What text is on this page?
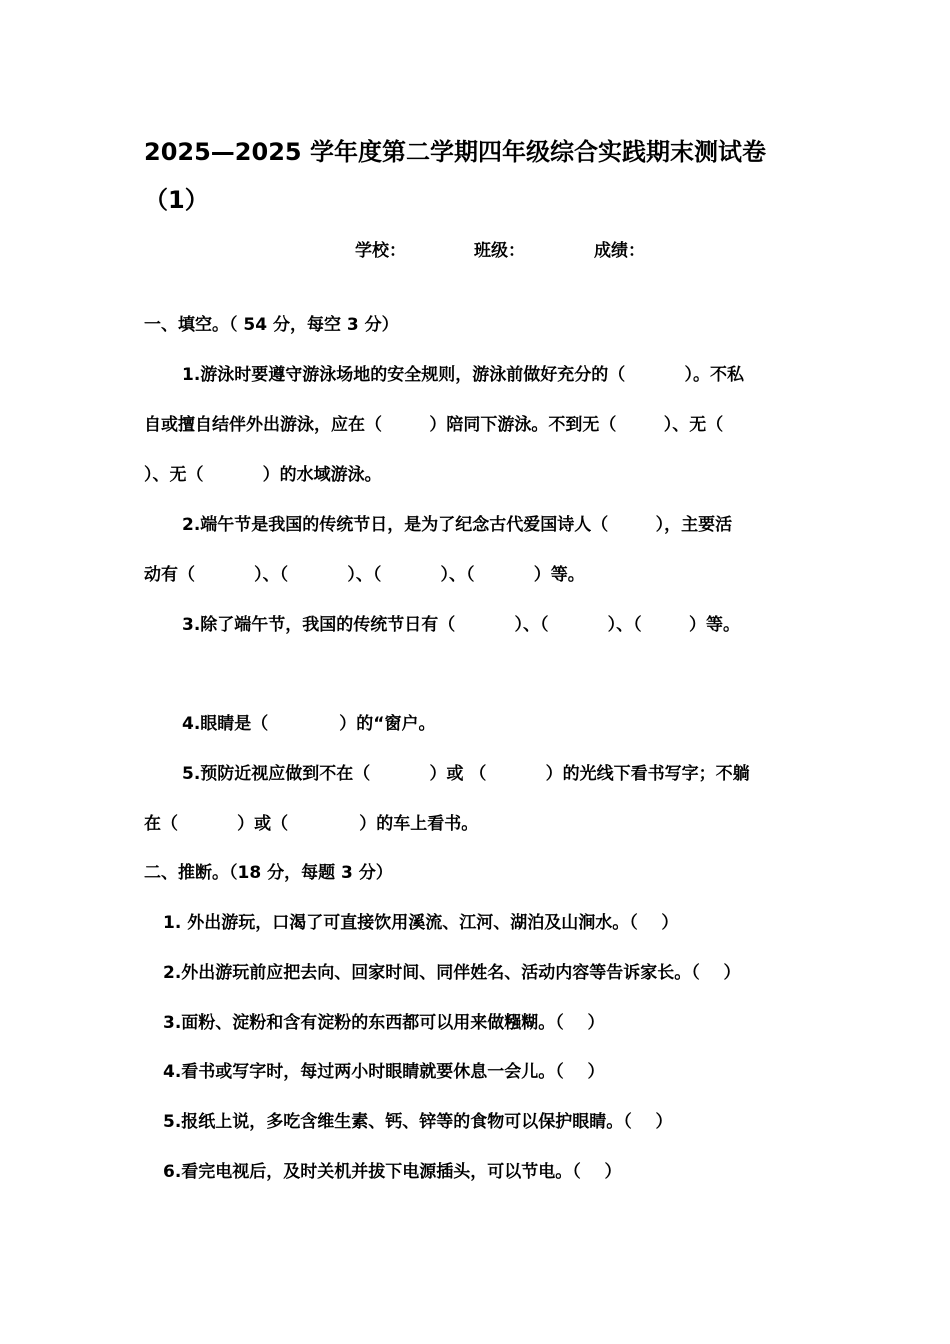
2025—2025 学年度第二学期四年级综合实践期末测试卷
（1）
学校：	班级：	成绩：
一、填空。（ 54 分，每空 3 分）
1.游泳时要遵守游泳场地的安全规则，游泳前做好充分的（          ）。不私
自或擅自结伴外出游泳，应在（        ）陪同下游泳。不到无（        ）、无（
）、无（          ）的水域游泳。
2.端午节是我国的传统节日，是为了纪念古代爱国诗人（        ），主要活
动有（          ）、（          ）、（          ）、（          ）等。
3.除了端午节，我国的传统节日有（          ）、（          ）、（        ）等。
4.眼睛是（            ）的“窗户。
5.预防近视应做到不在（          ）或 （          ）的光线下看书写字；不躺
在（          ）或（            ）的车上看书。
二、推断。（18 分，每题 3 分）
1. 外出游玩，口渴了可直接饮用溪流、江河、湖泊及山涧水。（    ）
2.外出游玩前应把去向、回家时间、同伴姓名、活动内容等告诉家长。（    ）
3.面粉、淀粉和含有淀粉的东西都可以用来做糨糊。（    ）
4.看书或写字时，每过两小时眼睛就要休息一会儿。（    ）
5.报纸上说，多吃含维生素、钙、锌等的食物可以保护眼睛。（    ）
6.看完电视后，及时关机并拔下电源插头，可以节电。（    ）
